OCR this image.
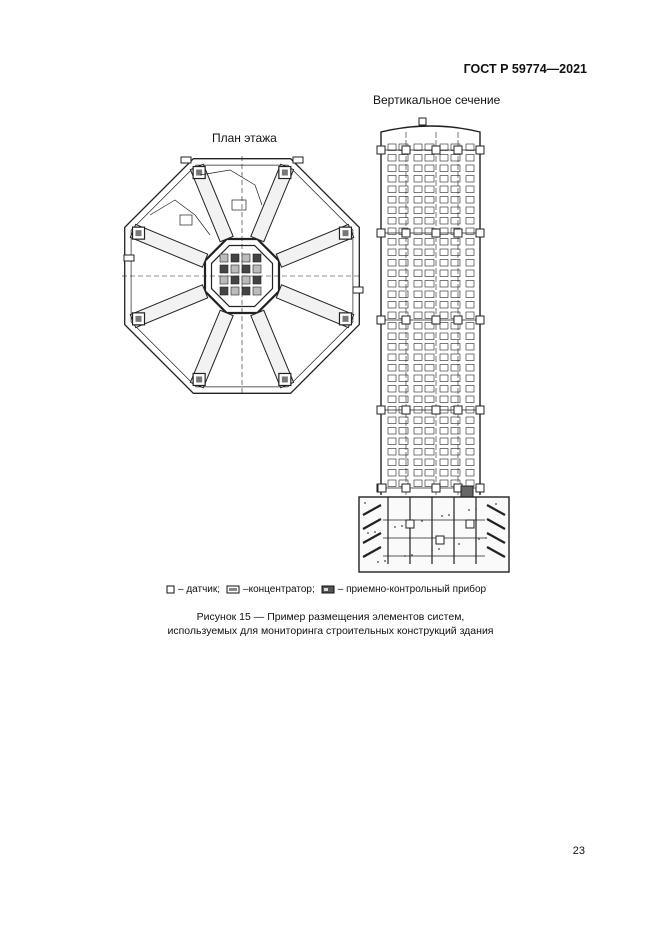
ГОСТ Р 59774—2021
План этажа
Вертикальное сечение
– датчик; –концентратор; – приемно-контрольный прибор
Рисунок 15 — Пример размещения элементов систем,
используемых для мониторинга строительных конструкций здания
23
